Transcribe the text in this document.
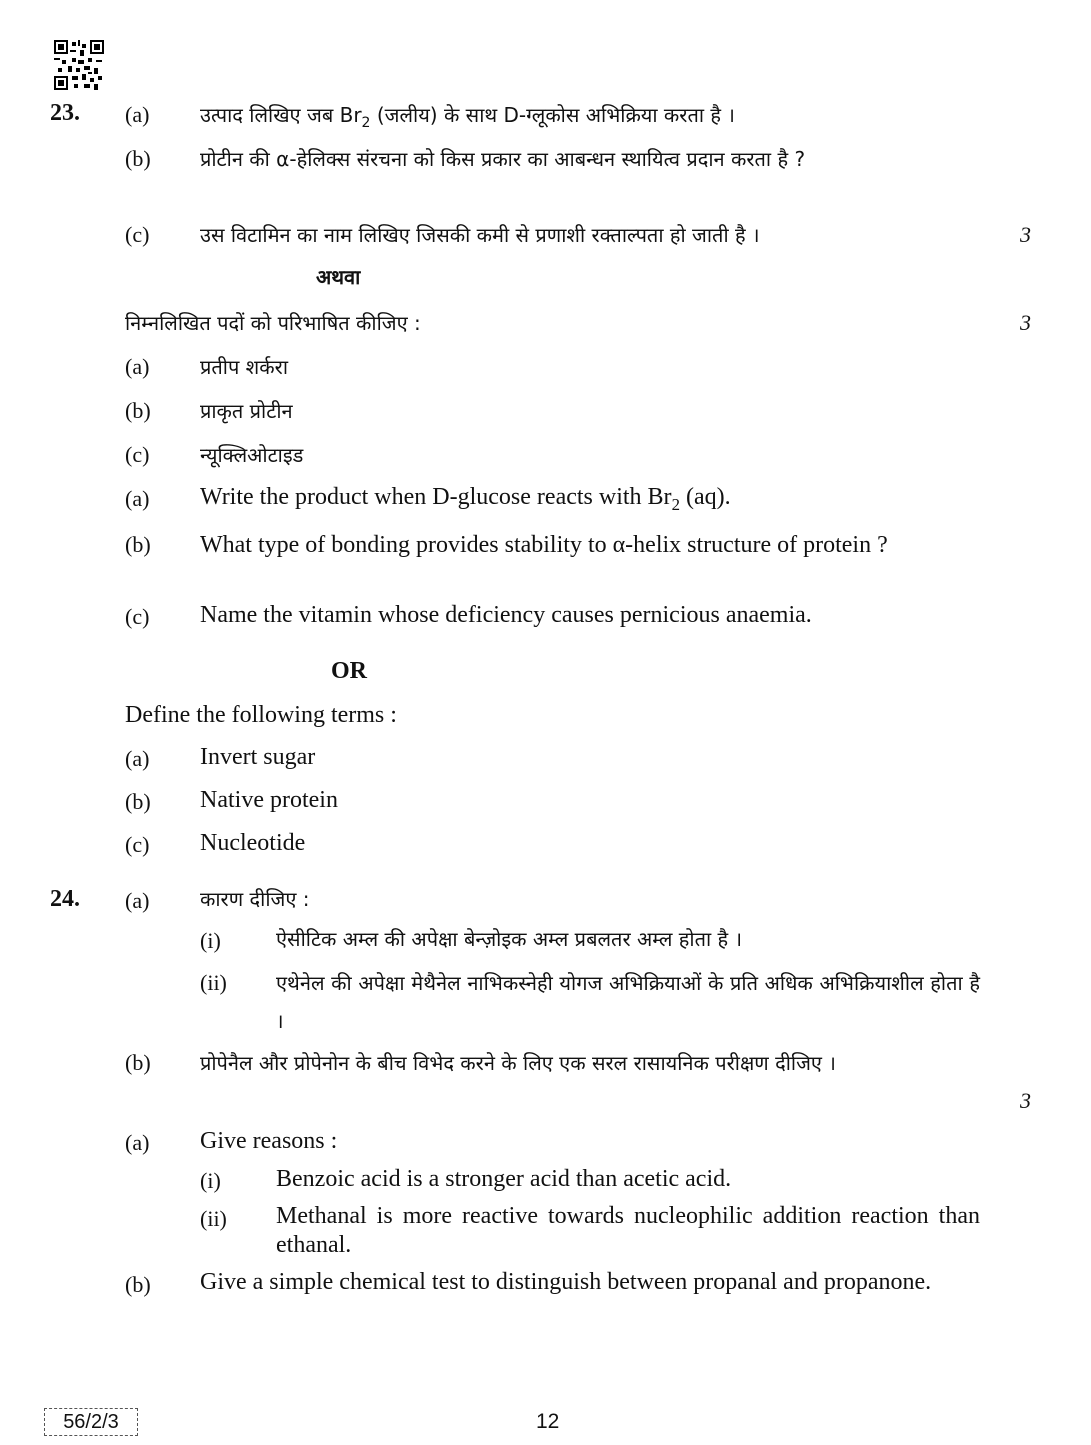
23. (a)	उत्पाद लिखिए जब $Br_2$ (जलीय) के साथ D-ग्लूकोस अभिक्रिया करता है ।
(b) प्रोटीन की α-हेलिक्स संरचना को किस प्रकार का आबन्धन स्थायित्व प्रदान करता है ?
(c)	उस विटामिन का नाम लिखिए जिसकी कमी से प्रणाशी रक्ताल्पता हो जाती है ।	3
अथवा
निम्नलिखित पदों को परिभाषित कीजिए :	3
(a)	प्रतीप शर्करा
(b) प्राकृत प्रोटीन
(c)	न्यूक्लिओटाइड
(a) Write the product when D-glucose reacts with $Br_2$ (aq).
(b) What type of bonding provides stability to α-helix structure of protein ?
(c) Name the vitamin whose deficiency causes pernicious anaemia.
OR
Define the following terms :
(a) Invert sugar
(b) Native protein
(c) Nucleotide
24. (a)	कारण दीजिए :
(i)	ऐसीटिक अम्ल की अपेक्षा बेन्ज़ोइक अम्ल प्रबलतर अम्ल होता है ।
(ii) एथेनेल की अपेक्षा मेथैनेल नाभिकस्नेही योगज अभिक्रियाओं के प्रति अधिक अभिक्रियाशील होता है ।
(b) प्रोपेनैल और प्रोपेनोन के बीच विभेद करने के लिए एक सरल रासायनिक परीक्षण दीजिए ।
3
(a) Give reasons :
(i) Benzoic acid is a stronger acid than acetic acid.
(ii) Methanal is more reactive towards nucleophilic addition reaction than ethanal.
(b) Give a simple chemical test to distinguish between propanal and propanone.
56/2/3	12
